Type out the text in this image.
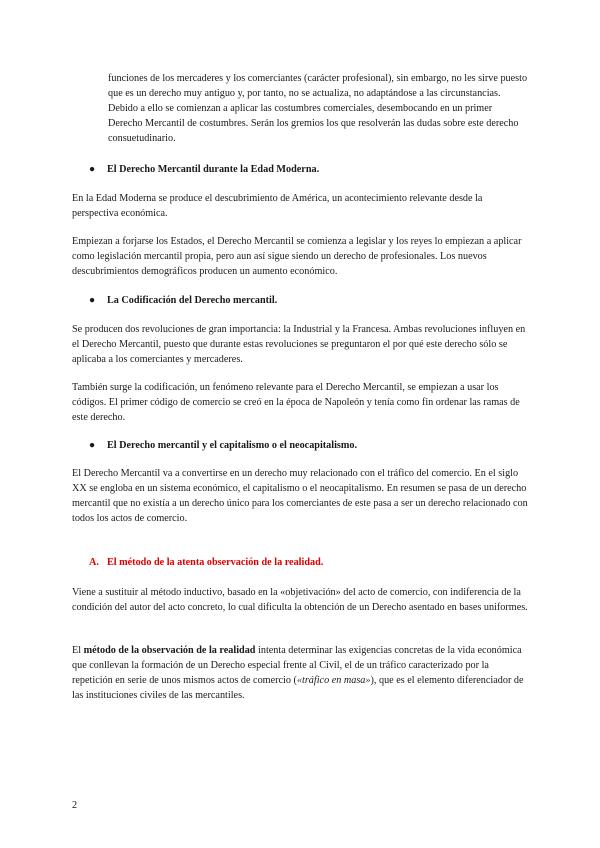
funciones de los mercaderes y los comerciantes (carácter profesional), sin embargo, no les sirve puesto que es un derecho muy antiguo y, por tanto, no se actualiza, no adaptándose a las circunstancias. Debido a ello se comienzan a aplicar las costumbres comerciales, desembocando en un primer Derecho Mercantil de costumbres. Serán los gremios los que resolverán las dudas sobre este derecho consuetudinario.

● El Derecho Mercantil durante la Edad Moderna.

En la Edad Moderna se produce el descubrimiento de América, un acontecimiento relevante desde la perspectiva económica.

Empiezan a forjarse los Estados, el Derecho Mercantil se comienza a legislar y los reyes lo empiezan a aplicar como legislación mercantil propia, pero aun así sigue siendo un derecho de profesionales. Los nuevos descubrimientos demográficos producen un aumento económico.

● La Codificación del Derecho mercantil.

Se producen dos revoluciones de gran importancia: la Industrial y la Francesa. Ambas revoluciones influyen en el Derecho Mercantil, puesto que durante estas revoluciones se preguntaron el por qué este derecho sólo se aplicaba a los comerciantes y mercaderes.

También surge la codificación, un fenómeno relevante para el Derecho Mercantil, se empiezan a usar los códigos. El primer código de comercio se creó en la época de Napoleón y tenía como fin ordenar las ramas de este derecho.

● El Derecho mercantil y el capitalismo o el neocapitalismo.

El Derecho Mercantil va a convertirse en un derecho muy relacionado con el tráfico del comercio. En el siglo XX se engloba en un sistema económico, el capitalismo o el neocapitalismo. En resumen se pasa de un derecho mercantil que no existía a un derecho único para los comerciantes de este pasa a ser un derecho relacionado con todos los actos de comercio.

A. El método de la atenta observación de la realidad.

Viene a sustituir al método inductivo, basado en la «objetivación» del acto de comercio, con indiferencia de la condición del autor del acto concreto, lo cual dificulta la obtención de un Derecho asentado en bases uniformes.

El método de la observación de la realidad intenta determinar las exigencias concretas de la vida económica que conllevan la formación de un Derecho especial frente al Civil, el de un tráfico caracterizado por la repetición en serie de unos mismos actos de comercio («tráfico en masa»), que es el elemento diferenciador de las instituciones civiles de las mercantiles.

2
